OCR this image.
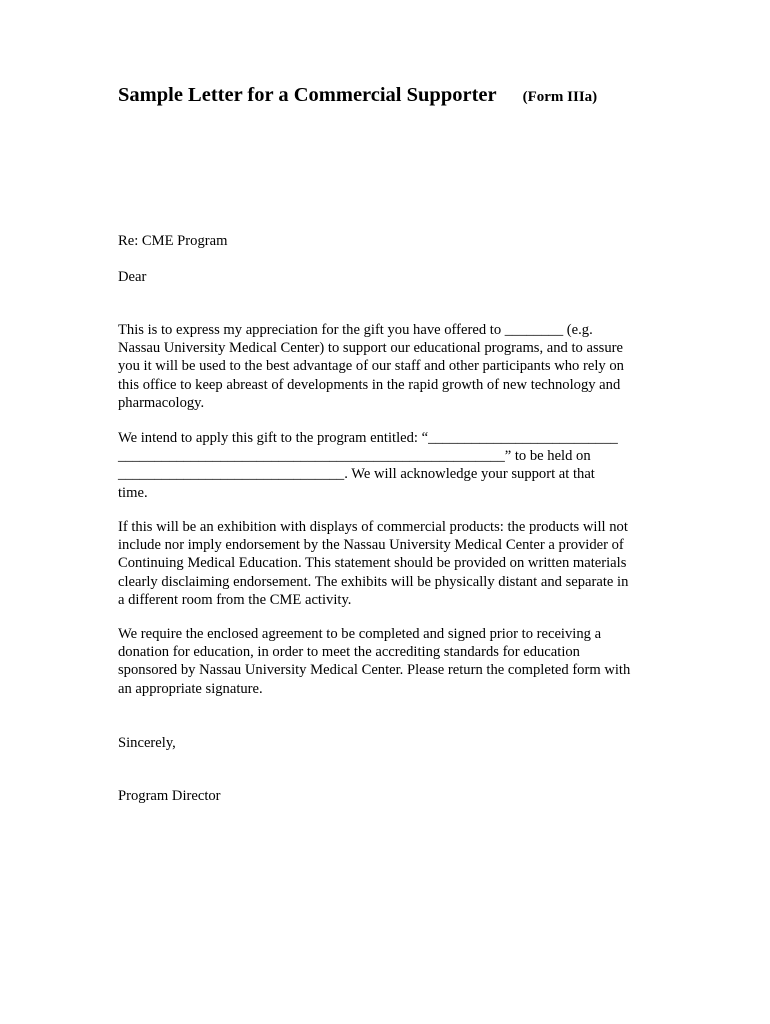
Sample Letter for a Commercial Supporter (Form IIIa)

Re: CME Program

Dear

This is to express my appreciation for the gift you have offered to ________ (e.g.
Nassau University Medical Center) to support our educational programs, and to assure
you it will be used to the best advantage of our staff and other participants who rely on
this office to keep abreast of developments in the rapid growth of new technology and
pharmacology.

We intend to apply this gift to the program entitled: “__________________________
_____________________________________________________” to be held on
_______________________________. We will acknowledge your support at that
time.

If this will be an exhibition with displays of commercial products: the products will not
include nor imply endorsement by the Nassau University Medical Center a provider of
Continuing Medical Education. This statement should be provided on written materials
clearly disclaiming endorsement. The exhibits will be physically distant and separate in
a different room from the CME activity.

We require the enclosed agreement to be completed and signed prior to receiving a
donation for education, in order to meet the accrediting standards for education
sponsored by Nassau University Medical Center. Please return the completed form with
an appropriate signature.

Sincerely,

Program Director
